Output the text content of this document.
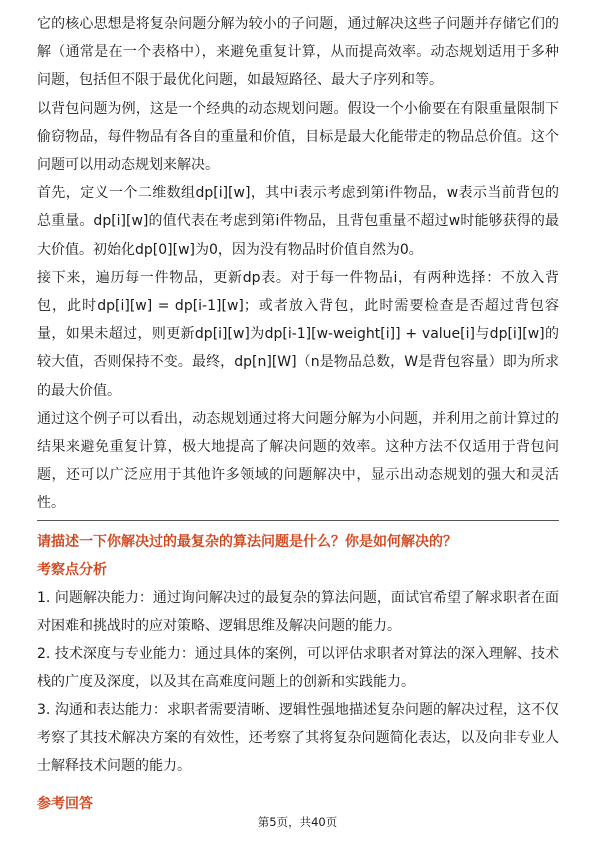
它的核心思想是将复杂问题分解为较小的子问题，通过解决这些子问题并存储它们的解（通常是在一个表格中），来避免重复计算，从而提高效率。动态规划适用于多种问题，包括但不限于最优化问题，如最短路径、最大子序列和等。

以背包问题为例，这是一个经典的动态规划问题。假设一个小偷要在有限重量限制下偷窃物品，每件物品有各自的重量和价值，目标是最大化能带走的物品总价值。这个问题可以用动态规划来解决。

首先，定义一个二维数组dp[i][w]，其中i表示考虑到第i件物品，w表示当前背包的总重量。dp[i][w]的值代表在考虑到第i件物品，且背包重量不超过w时能够获得的最大价值。初始化dp[0][w]为0，因为没有物品时价值自然为0。

接下来，遍历每一件物品，更新dp表。对于每一件物品i，有两种选择：不放入背包，此时dp[i][w] = dp[i-1][w]；或者放入背包，此时需要检查是否超过背包容量，如果未超过，则更新dp[i][w]为dp[i-1][w-weight[i]] + value[i]与dp[i][w]的较大值，否则保持不变。最终，dp[n][W]（n是物品总数，W是背包容量）即为所求的最大价值。

通过这个例子可以看出，动态规划通过将大问题分解为小问题，并利用之前计算过的结果来避免重复计算，极大地提高了解决问题的效率。这种方法不仅适用于背包问题，还可以广泛应用于其他许多领域的问题解决中，显示出动态规划的强大和灵活性。

请描述一下你解决过的最复杂的算法问题是什么？你是如何解决的？

考察点分析

1. 问题解决能力：通过询问解决过的最复杂的算法问题，面试官希望了解求职者在面对困难和挑战时的应对策略、逻辑思维及解决问题的能力。

2. 技术深度与专业能力：通过具体的案例，可以评估求职者对算法的深入理解、技术栈的广度及深度，以及其在高难度问题上的创新和实践能力。

3. 沟通和表达能力：求职者需要清晰、逻辑性强地描述复杂问题的解决过程，这不仅考察了其技术解决方案的有效性，还考察了其将复杂问题简化表达，以及向非专业人士解释技术问题的能力。

参考回答

第5页，共40页
